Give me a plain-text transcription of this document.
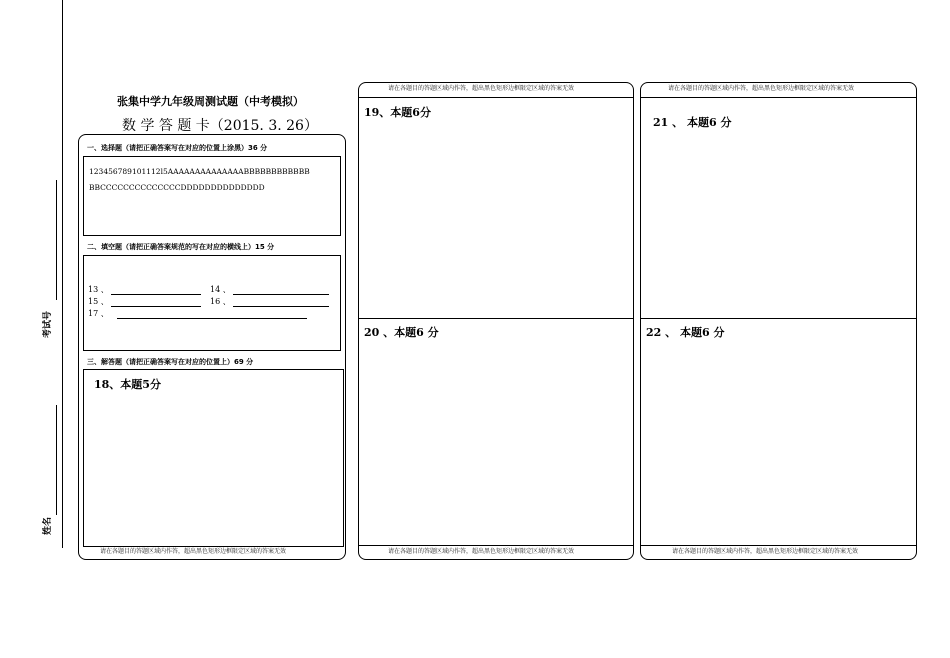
考试号
姓名
张集中学九年级周测试题（中考模拟）
数 学 答 题 卡（2015. 3. 26）
一、选择题（请把正确答案写在对应的位置上涂黑）36 分
123456789101112l5AAAAAAAAAAAAAABBBBBBBBBBBB
BBCCCCCCCCCCCCCCDDDDDDDDDDDDDD
二、填空题（请把正确答案规范的写在对应的横线上）15 分
13 、	14 、
15 、	16 、
17 、
三、解答题（请把正确答案写在对应的位置上）69 分
18、本题5分
请在各题目的答题区域内作答，超出黑色矩形边框限定区域的答案无效
请在各题目的答题区域内作答，超出黑色矩形边框限定区域的答案无效
19、本题6分
20 、本题6 分
请在各题目的答题区域内作答，超出黑色矩形边框限定区域的答案无效
请在各题目的答题区域内作答，超出黑色矩形边框限定区域的答案无效
21 、 本题6 分
22 、 本题6 分
请在各题目的答题区域内作答，超出黑色矩形边框限定区域的答案无效
